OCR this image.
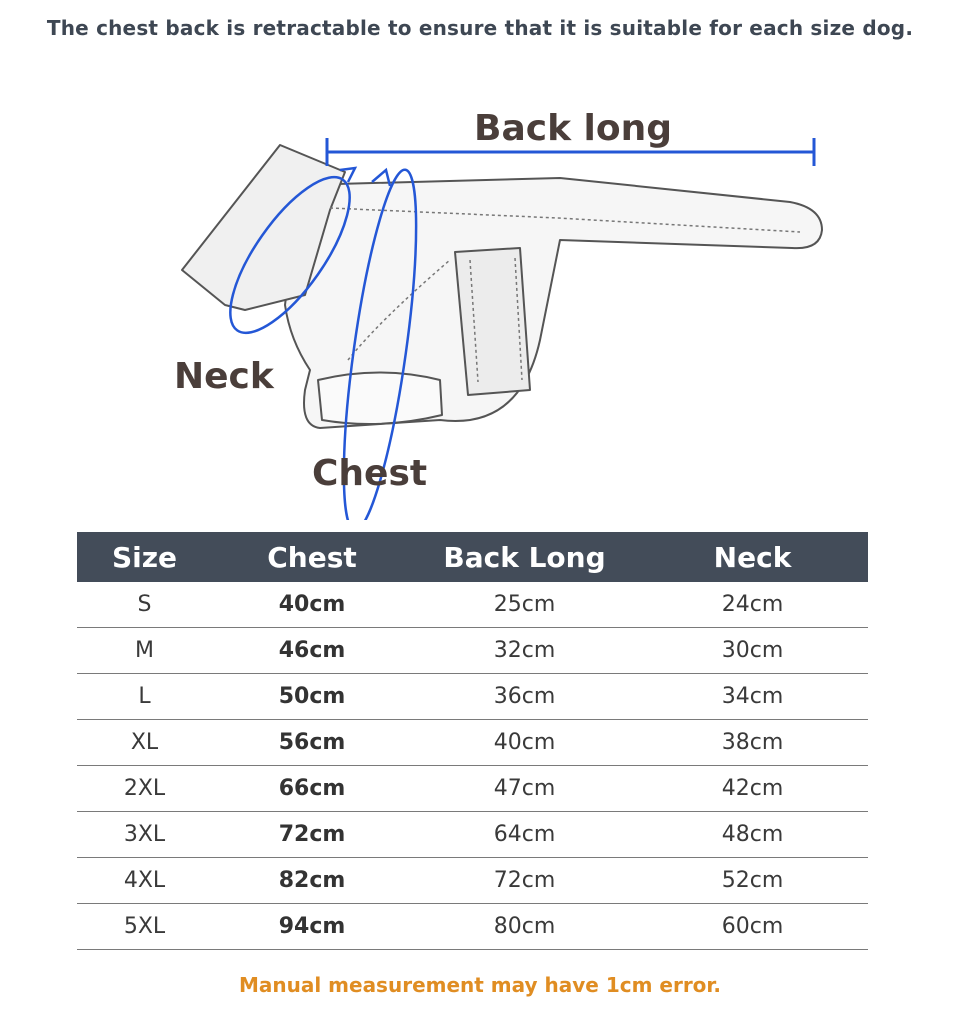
The chest back is retractable to ensure that it is suitable for each size dog.
Back long
Neck
Chest
Size	Chest	Back Long	Neck
S	40cm	25cm	24cm
M	46cm	32cm	30cm
L	50cm	36cm	34cm
XL	56cm	40cm	38cm
2XL	66cm	47cm	42cm
3XL	72cm	64cm	48cm
4XL	82cm	72cm	52cm
5XL	94cm	80cm	60cm
Manual measurement may have 1cm error.
